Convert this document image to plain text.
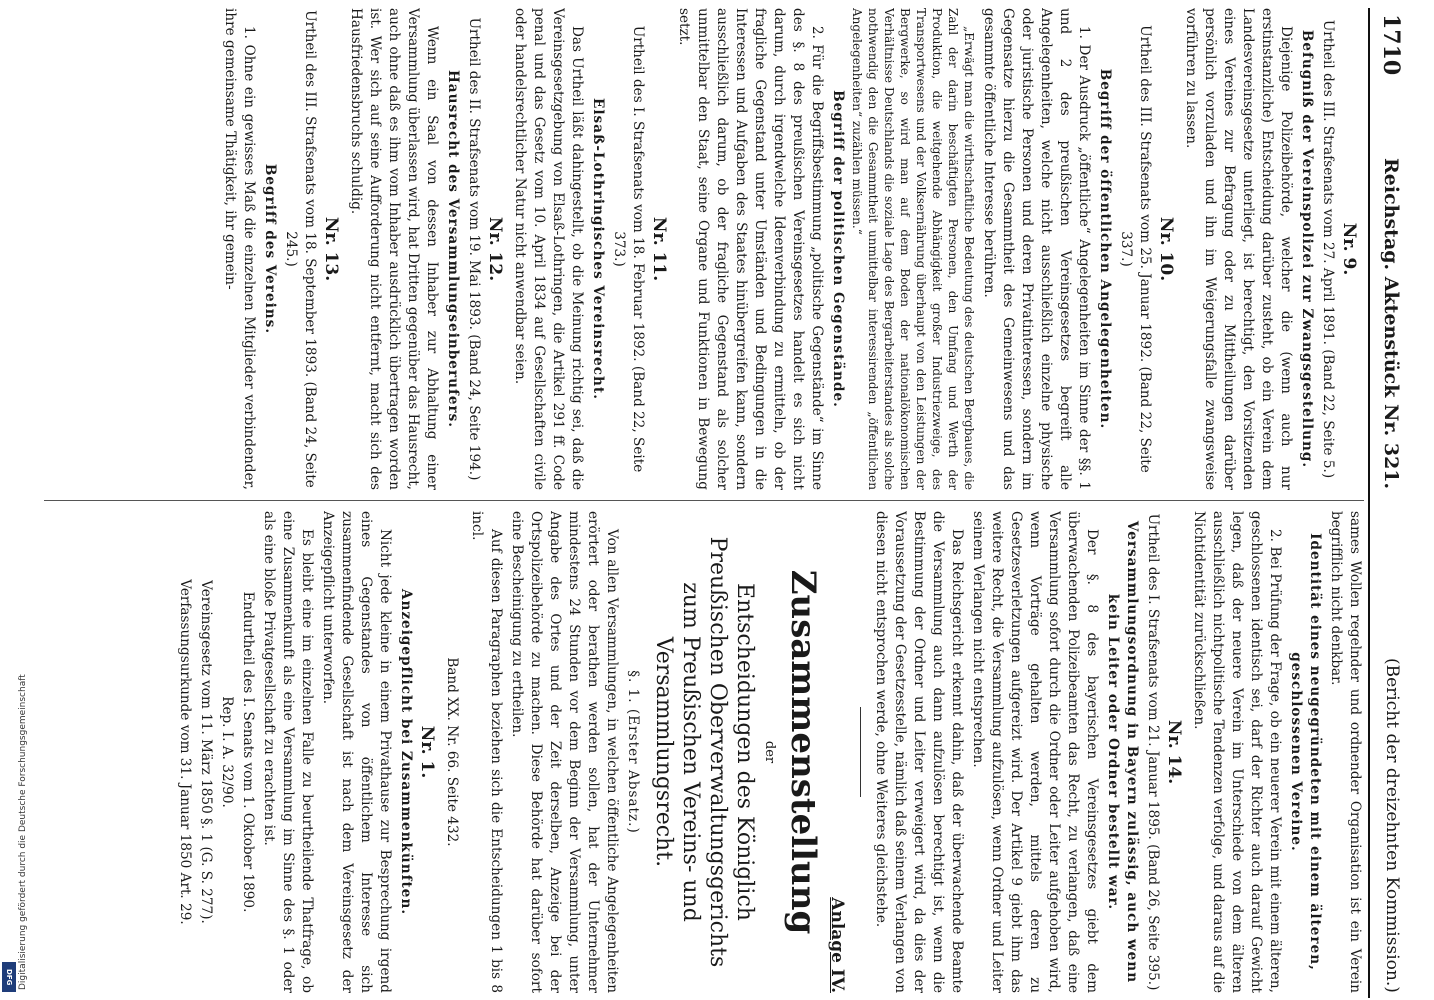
1710
Reichstag. Aktenstück Nr. 321.
(Bericht der dreizehnten Kommission.)

Nr. 9.

Urtheil des III. Strafsenats vom 27. April 1891. (Band 22, Seite 5.)

Befugniß der Vereinspolizei zur Zwangsgestellung.

Diejenige Polizeibehörde, welcher die (wenn auch nur erstinstanzliche) Entscheidung darüber zusteht, ob ein Verein dem Landesvereinsgesetze unterliegt, ist berechtigt, den Vorsitzenden eines Vereines zur Befragung oder zu Mittheilungen darüber persönlich vorzuladen und ihn im Weigerungsfalle zwangsweise vorführen zu lassen.

Nr. 10.

Urtheil des III. Strafsenats vom 25. Januar 1892. (Band 22, Seite 337.)

Begriff der öffentlichen Angelegenheiten.

1. Der Ausdruck „öffentliche“ Angelegenheiten im Sinne der §§. 1 und 2 des preußischen Vereinsgesetzes begreift alle Angelegenheiten, welche nicht ausschließlich einzelne physische oder juristische Personen und deren Privatinteressen, sondern im Gegensatze hierzu die Gesammtheit des Gemeinwesens und das gesammte öffentliche Interesse berühren.

„Erwägt man die wirthschaftliche Bedeutung des deutschen Bergbaues, die Zahl der darin beschäftigten Personen, den Umfang und Werth der Produktion, die weitgehende Abhängigkeit großer Industriezweige, des Transportwesens und der Volksernährung überhaupt von den Leistungen der Bergwerke, so wird man auf dem Boden der nationalökonomischen Verhältnisse Deutschlands die soziale Lage des Bergarbeiterstandes als solche nothwendig den die Gesammtheit unmittelbar interessirenden „öffentlichen Angelegenheiten“ zuzählen müssen.“

Begriff der politischen Gegenstände.

2. Für die Begriffsbestimmung „politische Gegenstände“ im Sinne des §. 8 des preußischen Vereinsgesetzes handelt es sich nicht darum, durch irgendwelche Ideenverbindung zu ermitteln, ob der fragliche Gegenstand unter Umständen und Bedingungen in die Interessen und Aufgaben des Staates hinübergreifen kann, sondern ausschließlich darum, ob der fragliche Gegenstand als solcher unmittelbar den Staat, seine Organe und Funktionen in Bewegung setzt.

Nr. 11.

Urtheil des I. Strafsenats vom 18. Februar 1892. (Band 22, Seite 373.)

Elsaß-Lothringisches Vereinsrecht.

Das Urtheil läßt dahingestellt, ob die Meinung richtig sei, daß die Vereinsgesetzgebung von Elsaß-Lothringen, die Artikel 291 ff. Code penal und das Gesetz vom 10. April 1834 auf Gesellschaften civile oder handelsrechtlicher Natur nicht anwendbar seien.

Nr. 12.

Urtheil des II. Strafsenats vom 19. Mai 1893. (Band 24, Seite 194.)

Hausrecht des Versammlungseinberufers.

Wenn ein Saal von dessen Inhaber zur Abhaltung einer Versammlung überlassen wird, hat Dritten gegenüber das Hausrecht, auch ohne daß es ihm vom Inhaber ausdrücklich übertragen worden ist. Wer sich auf seine Aufforderung nicht entfernt, macht sich des Hausfriedensbruchs schuldig.

Nr. 13.

Urtheil des III. Strafsenats vom 18. September 1893. (Band 24, Seite 245.)

Begriff des Vereins.

1. Ohne ein gewisses Maß die einzelnen Mitglieder verbindender, ihre gemeinsame Thätigkeit, ihr gemein-

sames Wollen regelnder und ordnender Organisation ist ein Verein begrifflich nicht denkbar.

Identität eines neugegründeten mit einem älteren, geschlossenen Vereine.

2. Bei Prüfung der Frage, ob ein neuerer Verein mit einem älteren, geschlossenen identisch sei, darf der Richter auch darauf Gewicht legen, daß der neuere Verein im Unterschiede von dem älteren ausschließlich nichtpolitische Tendenzen verfolge, und daraus auf die Nichtidentität zurückschließen.

Nr. 14.

Urtheil des I. Strafsenats vom 21. Januar 1895. (Band 26, Seite 395.)

Versammlungsordnung in Bayern zulässig, auch wenn kein Leiter oder Ordner bestellt war.

Der §. 8 des bayerischen Vereinsgesetzes giebt dem überwachenden Polizeibeamten das Recht, zu verlangen, daß eine Versammlung sofort durch die Ordner oder Leiter aufgehoben wird, wenn Vorträge gehalten werden, mittels deren zu Gesetzesverletzungen aufgereizt wird. Der Artikel 9 giebt ihm das weitere Recht, die Versammlung aufzulösen, wenn Ordner und Leiter seinem Verlangen nicht entsprechen.

Das Reichsgericht erkennt dahin, daß der überwachende Beamte die Versammlung auch dann aufzulösen berechtigt ist, wenn die Bestimmung der Ordner und Leiter verweigert wird, da dies der Voraussetzung der Gesetzesstelle, nämlich daß seinem Verlangen von diesen nicht entsprochen werde, ohne Weiteres gleichstehe.

Anlage IV.

Zusammenstellung

der

Entscheidungen des Königlich Preußischen Oberverwaltungsgerichts zum Preußischen Vereins- und Versammlungsrecht.

§. 1. (Erster Absatz.)

Von allen Versammlungen, in welchen öffentliche Angelegenheiten erörtert oder berathen werden sollen, hat der Unternehmer mindestens 24 Stunden vor dem Beginn der Versammlung, unter Angabe des Ortes und der Zeit derselben, Anzeige bei der Ortspolizeibehörde zu machen. Diese Behörde hat darüber sofort eine Bescheinigung zu ertheilen.

Auf diesen Paragraphen beziehen sich die Entscheidungen 1 bis 8 incl.

Band XX. Nr. 66. Seite 432.

Nr. 1.

Anzeigepflicht bei Zusammenkünften.

Nicht jede kleine in einem Privathause zur Besprechung irgend eines Gegenstandes von öffentlichem Interesse sich zusammenfindende Gesellschaft ist nach dem Vereinsgesetz der Anzeigepflicht unterworfen.

Es bleibt eine im einzelnen Falle zu beurtheilende Thatfrage, ob eine Zusammenkunft als eine Versammlung im Sinne des §. 1 oder als eine bloße Privatgesellschaft zu erachten ist.

Endurtheil des I. Senats vom 1. Oktober 1890.

Rep. I. A. 32/90.

Vereinsgesetz vom 11. März 1850 §. 1 (G. S. 277).

Verfassungsurkunde vom 31. Januar 1850 Art. 29.

Digitalisierung gefördert durch die Deutsche Forschungsgemeinschaft
DFG
